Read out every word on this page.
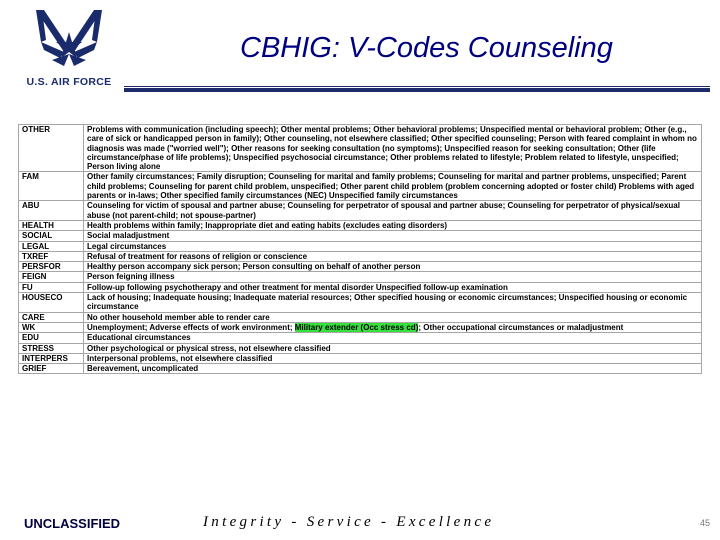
U.S. AIR FORCE
CBHIG: V-Codes Counseling
OTHER	Problems with communication (including speech); Other mental problems; Other behavioral problems; Unspecified mental or behavioral problem; Other (e.g., care of sick or handicapped person in family); Other counseling, not elsewhere classified; Other specified counseling; Person with feared complaint in whom no diagnosis was made ("worried well"); Other reasons for seeking consultation (no symptoms); Unspecified reason for seeking consultation; Other (life circumstance/phase of life problems); Unspecified psychosocial circumstance; Other problems related to lifestyle; Problem related to lifestyle, unspecified; Person living alone
FAM	Other family circumstances; Family disruption; Counseling for marital and family problems; Counseling for marital and partner problems, unspecified; Parent child problems; Counseling for parent child problem, unspecified; Other parent child problem (problem concerning adopted or foster child) Problems with aged parents or in-laws; Other specified family circumstances (NEC) Unspecified family circumstances
ABU	Counseling for victim of spousal and partner abuse; Counseling for perpetrator of spousal and partner abuse; Counseling for perpetrator of physical/sexual abuse (not parent-child; not spouse-partner)
HEALTH	Health problems within family; Inappropriate diet and eating habits (excludes eating disorders)
SOCIAL	Social maladjustment
LEGAL	Legal circumstances
TXREF	Refusal of treatment for reasons of religion or conscience
PERSFOR	Healthy person accompany sick person; Person consulting on behalf of another person
FEIGN	Person feigning illness
FU	Follow-up following psychotherapy and other treatment for mental disorder Unspecified follow-up examination
HOUSECO	Lack of housing; Inadequate housing; Inadequate material resources; Other specified housing or economic circumstances; Unspecified housing or economic circumstance
CARE	No other household member able to render care
WK	Unemployment; Adverse effects of work environment; Military extender (Occ stress cd); Other occupational circumstances or maladjustment
EDU	Educational circumstances
STRESS	Other psychological or physical stress, not elsewhere classified
INTERPERS	Interpersonal problems, not elsewhere classified
GRIEF	Bereavement, uncomplicated
UNCLASSIFIED	Integrity - Service - Excellence	45
